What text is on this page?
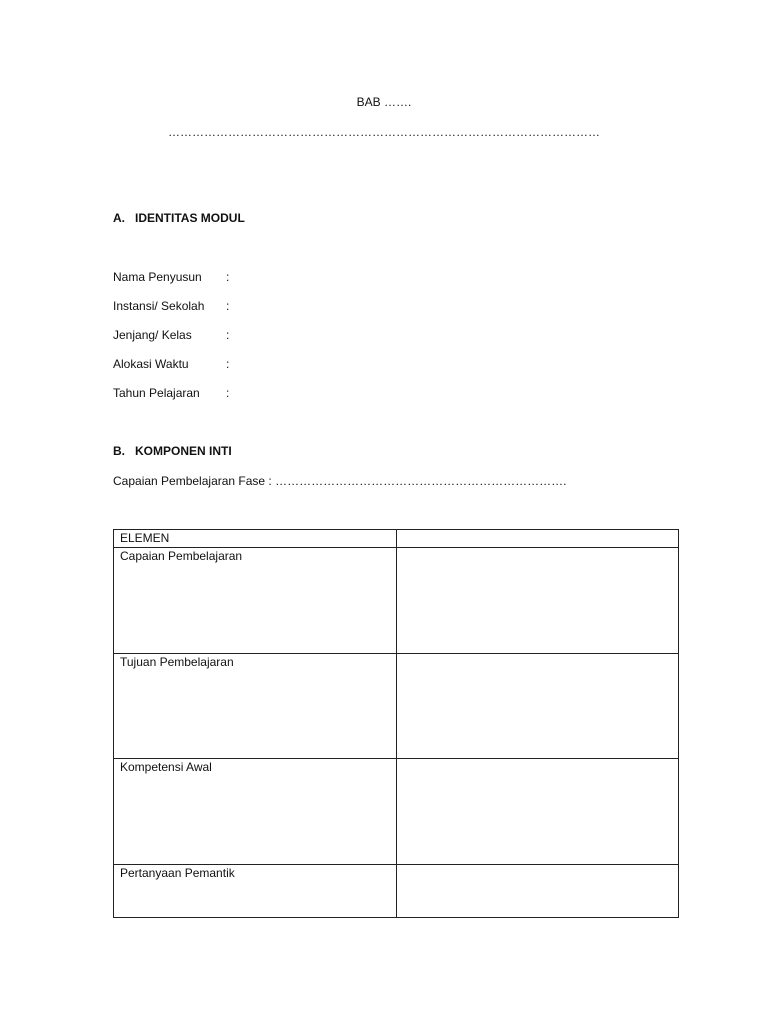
BAB …….
………………………………………………………………………………………………
A. IDENTITAS MODUL
Nama Penyusun :
Instansi/ Sekolah :
Jenjang/ Kelas	:
Alokasi Waktu	:
Tahun Pelajaran :
B. KOMPONEN INTI
Capaian Pembelajaran Fase : ……………………………………………………………….
ELEMEN	
Capaian Pembelajaran	
Tujuan Pembelajaran	
Kompetensi Awal	
Pertanyaan Pemantik	
